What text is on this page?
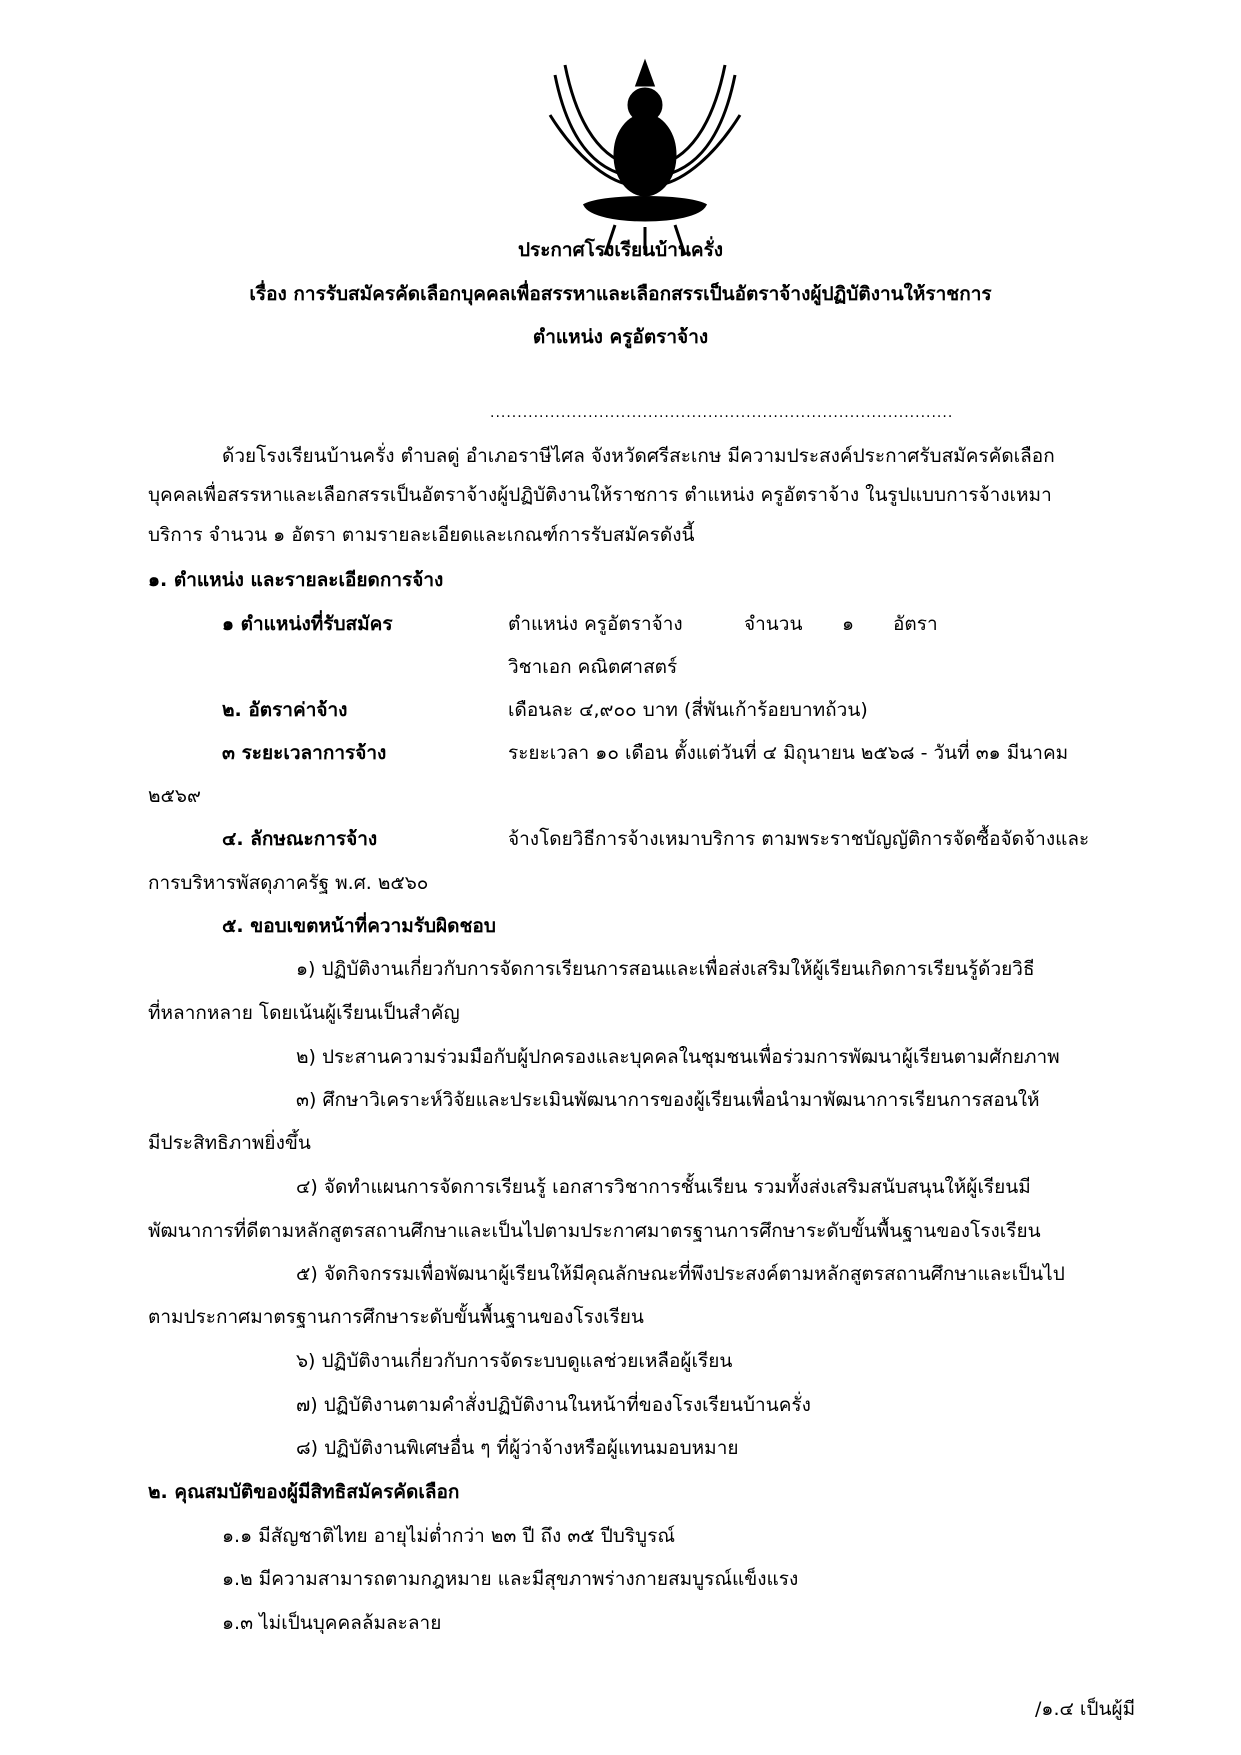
ประกาศโรงเรียนบ้านครั่ง
เรื่อง การรับสมัครคัดเลือกบุคคลเพื่อสรรหาและเลือกสรรเป็นอัตราจ้างผู้ปฏิบัติงานให้ราชการ
ตำแหน่ง ครูอัตราจ้าง
.....................................................................................
ด้วยโรงเรียนบ้านครั่ง ตำบลดู่ อำเภอราษีไศล จังหวัดศรีสะเกษ มีความประสงค์ประกาศรับสมัครคัดเลือก
บุคคลเพื่อสรรหาและเลือกสรรเป็นอัตราจ้างผู้ปฏิบัติงานให้ราชการ ตำแหน่ง ครูอัตราจ้าง ในรูปแบบการจ้างเหมา
บริการ จำนวน ๑ อัตรา ตามรายละเอียดและเกณฑ์การรับสมัครดังนี้
๑. ตำแหน่ง และรายละเอียดการจ้าง
๑ ตำแหน่งที่รับสมัคร	ตำแหน่ง ครูอัตราจ้าง	จำนวน ๑ อัตรา
วิชาเอก คณิตศาสตร์
๒. อัตราค่าจ้าง	เดือนละ ๔,๙๐๐ บาท (สี่พันเก้าร้อยบาทถ้วน)
๓ ระยะเวลาการจ้าง	ระยะเวลา ๑๐ เดือน ตั้งแต่วันที่ ๔ มิถุนายน ๒๕๖๘ - วันที่ ๓๑ มีนาคม
๒๕๖๙
๔. ลักษณะการจ้าง	จ้างโดยวิธีการจ้างเหมาบริการ ตามพระราชบัญญัติการจัดซื้อจัดจ้างและ
การบริหารพัสดุภาครัฐ พ.ศ. ๒๕๖๐
๕. ขอบเขตหน้าที่ความรับผิดชอบ
๑) ปฏิบัติงานเกี่ยวกับการจัดการเรียนการสอนและเพื่อส่งเสริมให้ผู้เรียนเกิดการเรียนรู้ด้วยวิธี
ที่หลากหลาย โดยเน้นผู้เรียนเป็นสำคัญ
๒) ประสานความร่วมมือกับผู้ปกครองและบุคคลในชุมชนเพื่อร่วมการพัฒนาผู้เรียนตามศักยภาพ
๓) ศึกษาวิเคราะห์วิจัยและประเมินพัฒนาการของผู้เรียนเพื่อนำมาพัฒนาการเรียนการสอนให้
มีประสิทธิภาพยิ่งขึ้น
๔) จัดทำแผนการจัดการเรียนรู้ เอกสารวิชาการชั้นเรียน รวมทั้งส่งเสริมสนับสนุนให้ผู้เรียนมี
พัฒนาการที่ดีตามหลักสูตรสถานศึกษาและเป็นไปตามประกาศมาตรฐานการศึกษาระดับขั้นพื้นฐานของโรงเรียน
๕) จัดกิจกรรมเพื่อพัฒนาผู้เรียนให้มีคุณลักษณะที่พึงประสงค์ตามหลักสูตรสถานศึกษาและเป็นไป
ตามประกาศมาตรฐานการศึกษาระดับขั้นพื้นฐานของโรงเรียน
๖) ปฏิบัติงานเกี่ยวกับการจัดระบบดูแลช่วยเหลือผู้เรียน
๗) ปฏิบัติงานตามคำสั่งปฏิบัติงานในหน้าที่ของโรงเรียนบ้านครั่ง
๘) ปฏิบัติงานพิเศษอื่น ๆ ที่ผู้ว่าจ้างหรือผู้แทนมอบหมาย
๒. คุณสมบัติของผู้มีสิทธิสมัครคัดเลือก
๑.๑ มีสัญชาติไทย อายุไม่ต่ำกว่า ๒๓ ปี ถึง ๓๕ ปีบริบูรณ์
๑.๒ มีความสามารถตามกฎหมาย และมีสุขภาพร่างกายสมบูรณ์แข็งแรง
๑.๓ ไม่เป็นบุคคลล้มละลาย
/๑.๔ เป็นผู้มี
